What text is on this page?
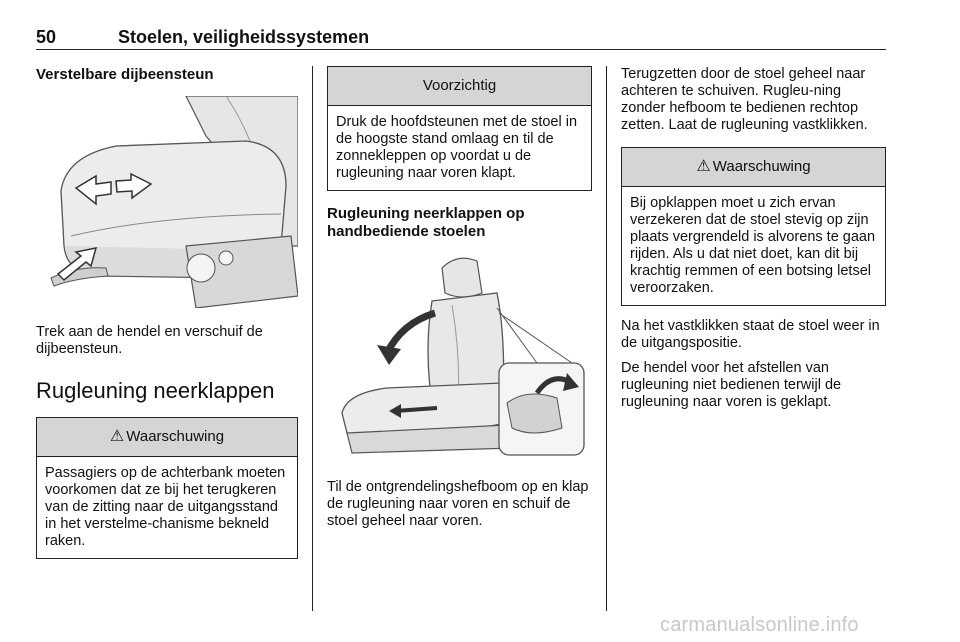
50	Stoelen, veiligheidssystemen
Verstelbare dijbeensteun

Trek aan de hendel en verschuif de dijbeensteun.

Rugleuning neerklappen
⚠ Waarschuwing
Passagiers op de achterbank moeten voorkomen dat ze bij het terugkeren van de zitting naar de uitgangsstand in het verstelme-chanisme bekneld raken.
Voorzichtig
Druk de hoofdsteunen met de stoel in de hoogste stand omlaag en til de zonnekleppen op voordat u de rugleuning naar voren klapt.
Rugleuning neerklappen op handbediende stoelen

Til de ontgrendelingshefboom op en klap de rugleuning naar voren en schuif de stoel geheel naar voren.

Terugzetten door de stoel geheel naar achteren te schuiven. Rugleu-ning zonder hefboom te bedienen rechtop zetten. Laat de rugleuning vastklikken.

⚠ Waarschuwing
Bij opklappen moet u zich ervan verzekeren dat de stoel stevig op zijn plaats vergrendeld is alvorens te gaan rijden. Als u dat niet doet, kan dit bij krachtig remmen of een botsing letsel veroorzaken.

Na het vastklikken staat de stoel weer in de uitgangspositie.

De hendel voor het afstellen van rugleuning niet bedienen terwijl de rugleuning naar voren is geklapt.

carmanualsonline.info
